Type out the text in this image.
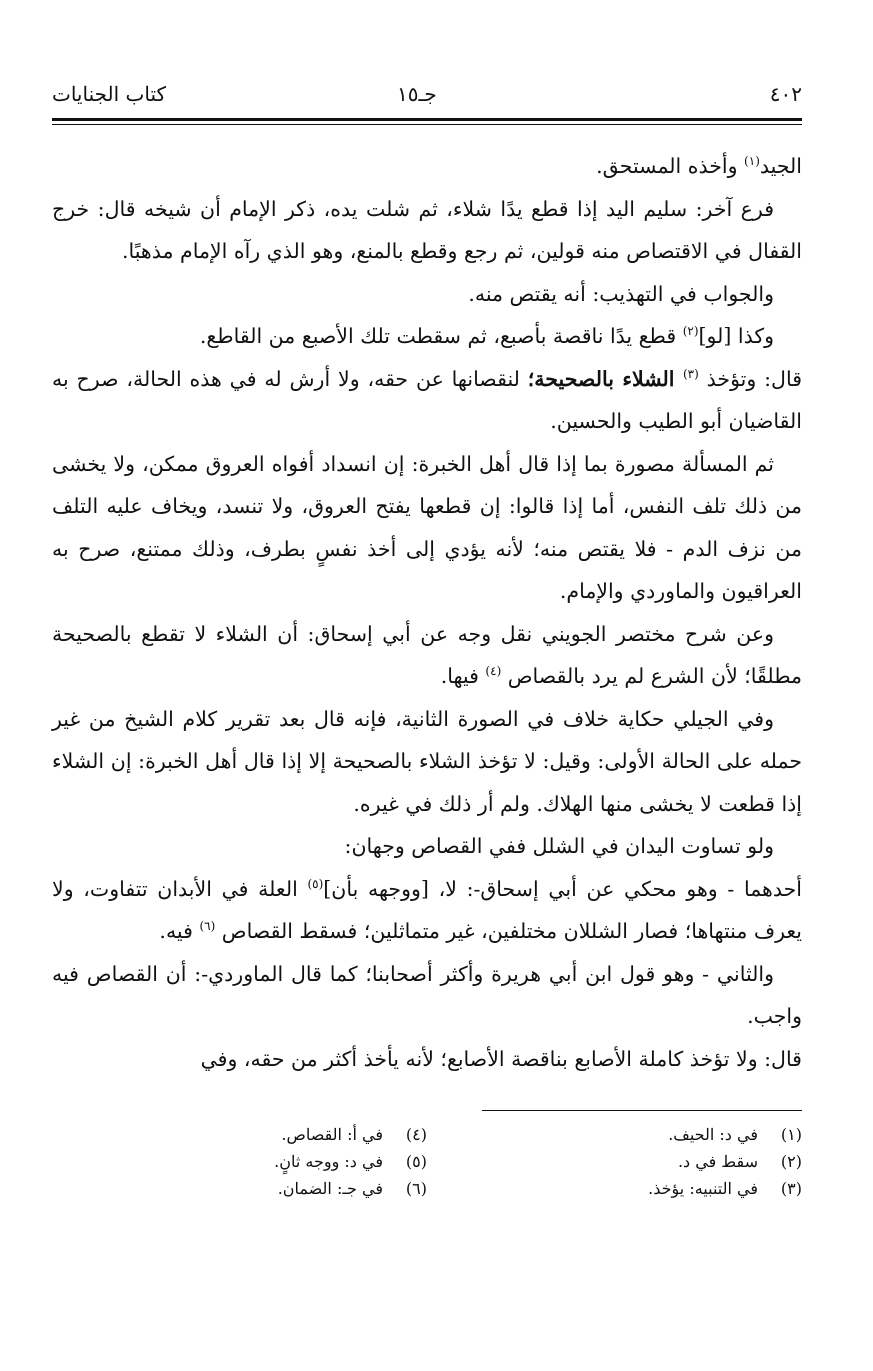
٤٠٢
جـ١٥
كتاب الجنايات

الجيد$^{(١)}$ وأخذه المستحق.

فرع آخر: سليم اليد إذا قطع يدًا شلاء، ثم شلت يده، ذكر الإمام أن شيخه قال: خرج القفال في الاقتصاص منه قولين، ثم رجع وقطع بالمنع، وهو الذي رآه الإمام مذهبًا.

والجواب في التهذيب: أنه يقتص منه.

وكذا [لو]$^{(٢)}$ قطع يدًا ناقصة بأصبع، ثم سقطت تلك الأصبع من القاطع.

قال: وتؤخذ $^{(٣)}$ الشلاء بالصحيحة؛ لنقصانها عن حقه، ولا أرش له في هذه الحالة، صرح به القاضيان أبو الطيب والحسين.

ثم المسألة مصورة بما إذا قال أهل الخبرة: إن انسداد أفواه العروق ممكن، ولا يخشى من ذلك تلف النفس، أما إذا قالوا: إن قطعها يفتح العروق، ولا تنسد، ويخاف عليه التلف من نزف الدم - فلا يقتص منه؛ لأنه يؤدي إلى أخذ نفسٍ بطرف، وذلك ممتنع، صرح به العراقيون والماوردي والإمام.

وعن شرح مختصر الجويني نقل وجه عن أبي إسحاق: أن الشلاء لا تقطع بالصحيحة مطلقًا؛ لأن الشرع لم يرد بالقصاص $^{(٤)}$ فيها.

وفي الجيلي حكاية خلاف في الصورة الثانية، فإنه قال بعد تقرير كلام الشيخ من غير حمله على الحالة الأولى: وقيل: لا تؤخذ الشلاء بالصحيحة إلا إذا قال أهل الخبرة: إن الشلاء إذا قطعت لا يخشى منها الهلاك. ولم أر ذلك في غيره.

ولو تساوت اليدان في الشلل ففي القصاص وجهان:

أحدهما - وهو محكي عن أبي إسحاق-: لا، [ووجهه بأن]$^{(٥)}$ العلة في الأبدان تتفاوت، ولا يعرف منتهاها؛ فصار الشللان مختلفين، غير متماثلين؛ فسقط القصاص $^{(٦)}$ فيه.

والثاني - وهو قول ابن أبي هريرة وأكثر أصحابنا؛ كما قال الماوردي-: أن القصاص فيه واجب.

قال: ولا تؤخذ كاملة الأصابع بناقصة الأصابع؛ لأنه يأخذ أكثر من حقه، وفي

(١)في د: الحيف.
(٢)سقط في د.
(٣)في التنبيه: يؤخذ.
(٤)في أ: القصاص.
(٥)في د: ووجه ثانٍ.
(٦)في جـ: الضمان.
